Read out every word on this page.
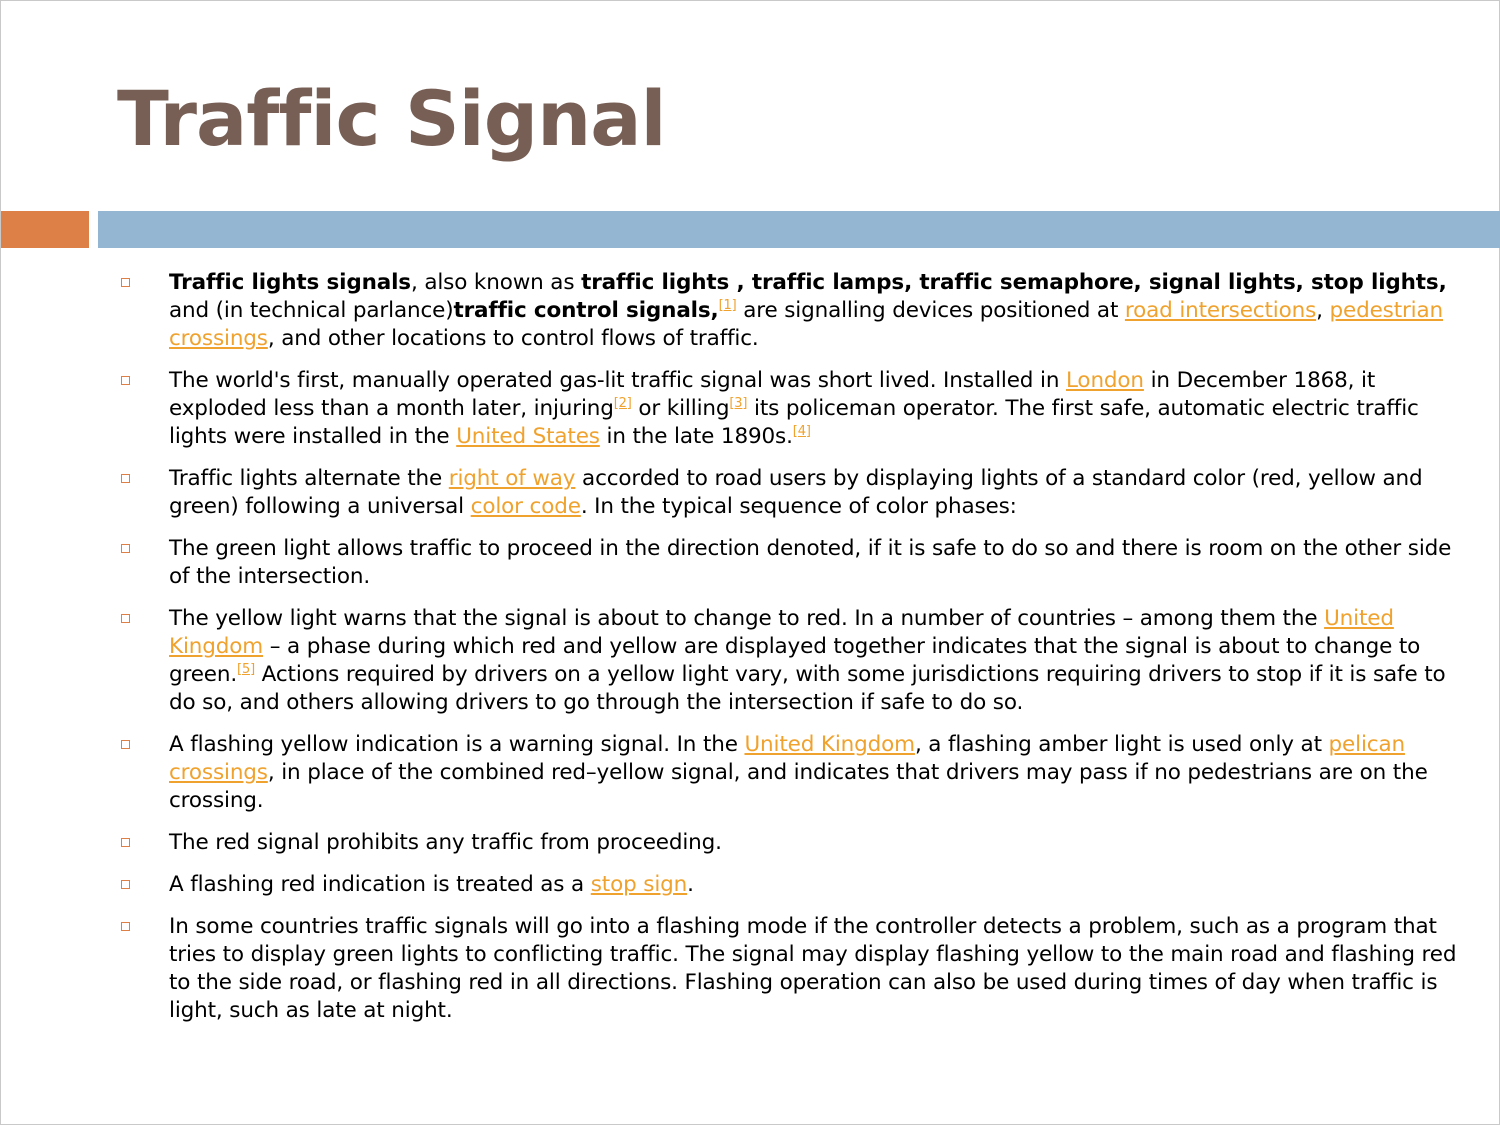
Traffic Signal
Traffic lights signals, also known as traffic lights , traffic lamps, traffic semaphore, signal lights, stop lights, and (in technical parlance)traffic control signals,[1] are signalling devices positioned at road intersections, pedestrian crossings, and other locations to control flows of traffic.
The world's first, manually operated gas-lit traffic signal was short lived. Installed in London in December 1868, it exploded less than a month later, injuring[2] or killing[3] its policeman operator. The first safe, automatic electric traffic lights were installed in the United States in the late 1890s.[4]
Traffic lights alternate the right of way accorded to road users by displaying lights of a standard color (red, yellow and green) following a universal color code. In the typical sequence of color phases:
The green light allows traffic to proceed in the direction denoted, if it is safe to do so and there is room on the other side of the intersection.
The yellow light warns that the signal is about to change to red. In a number of countries – among them the United Kingdom – a phase during which red and yellow are displayed together indicates that the signal is about to change to green.[5] Actions required by drivers on a yellow light vary, with some jurisdictions requiring drivers to stop if it is safe to do so, and others allowing drivers to go through the intersection if safe to do so.
A flashing yellow indication is a warning signal. In the United Kingdom, a flashing amber light is used only at pelican crossings, in place of the combined red–yellow signal, and indicates that drivers may pass if no pedestrians are on the crossing.
The red signal prohibits any traffic from proceeding.
A flashing red indication is treated as a stop sign.
In some countries traffic signals will go into a flashing mode if the controller detects a problem, such as a program that tries to display green lights to conflicting traffic. The signal may display flashing yellow to the main road and flashing red to the side road, or flashing red in all directions. Flashing operation can also be used during times of day when traffic is light, such as late at night.
